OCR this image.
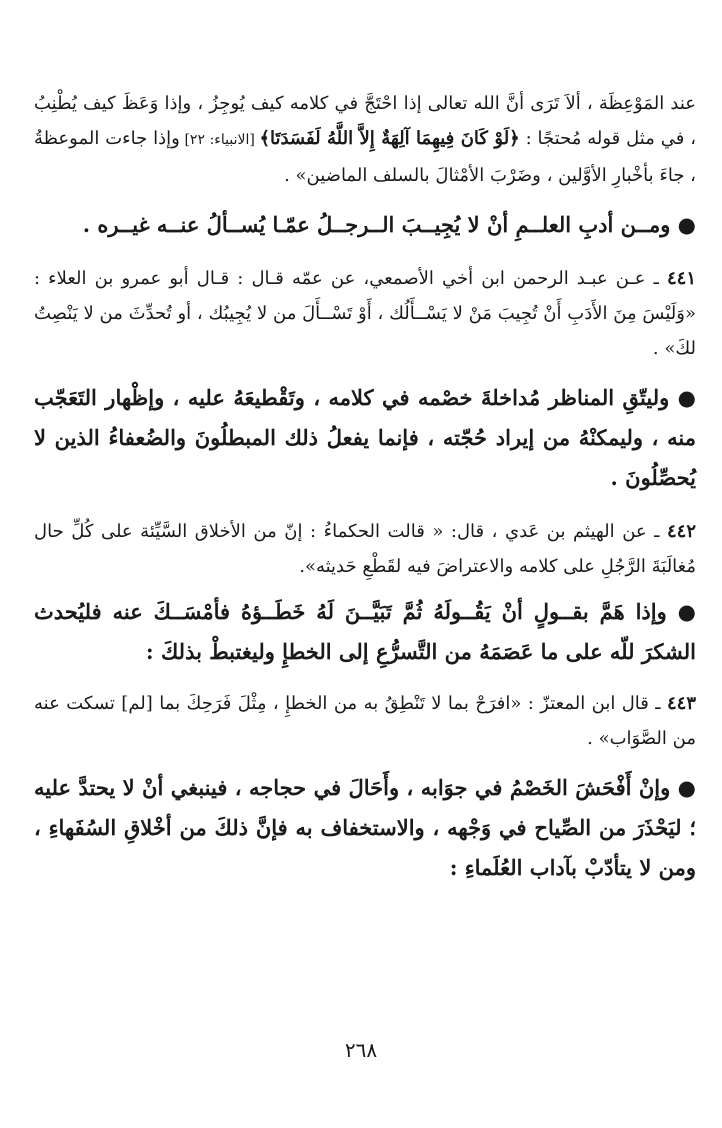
عند المَوْعِظَة ، ألاَ تَرَى أنَّ الله تعالى إذا احْتَجَّ في كلامه كيف يُوجِزُ ، وإذا وَعَظَ كيف يُطْنِبُ ، في مثل قوله مُحتجًا : ﴿لَوْ كَانَ فِيهِمَا آلِهَةٌ إِلاَّ اللَّهُ لَفَسَدَتَا﴾ [الانبياء: ٢٢] وإذا جاءت الموعظةُ ، جاءَ بأخْبارِ الأوَّلين ، وضَرْبَ الأمْثالَ بالسلف الماضين» .

● ومــن أدبِ العلــمِ أنْ لا يُجِيــبَ الــرجــلُ عمّـا يُســألُ عنــه غيــره .

٤٤١ ـ عـن عبـد الرحمن ابن أخي الأصمعي، عن عمّه قـال : قـال أبو عمرو بن العلاء : «وَلَيْسَ مِنَ الأَدَبِ أَنْ تُجِيبَ مَنْ لا يَسْــأَلُك ، أَوْ تَسْــأَلَ من لا يُجِيبُك ، أو تُحدِّثَ من لا يَنْصِتُ لكَ» .

● وليتّقِ المناظر مُداخلةَ خصْمه في كلامه ، وتَقْطيعَهُ عليه ، وإظْهار التَعَجّب منه ، وليمكنْهُ من إيراد حُجّته ، فإنما يفعلُ ذلك المبطلُونَ والضُعفاءُ الذين لا يُحصِّلُونَ .

٤٤٢ ـ عن الهيثم بن عَدي ، قال: « قالت الحكماءُ : إنّ من الأخلاق السَّيِّئة على كُلِّ حال مُغالَبَةَ الرَّجُلِ على كلامه والاعتراضَ فيه لقَطْعِ حَديثه».

● وإذا هَمَّ بقــولٍ أنْ يَقُــولَهُ ثُمَّ تَبَيَّــنَ لَهُ خَطَــؤهُ فأمْسَــكَ عنه فليُحدث الشكرَ للّه على ما عَصَمَهُ من التَّسرُّعِ إلى الخطإِ وليغتبطْ بذلكَ :

٤٤٣ ـ قال ابن المعتزّ : «افرَحْ بما لا تَنْطِقُ به من الخطإِ ، مِثْلَ فَرَحِكَ بما [لم] تسكت عنه من الصَّوَاب» .

● وإنْ أَفْحَشَ الخَصْمُ في جوَابه ، وأَحَالَ في حجاجه ، فينبغي أنْ لا يحتدَّ عليه ؛ ليَحْذَرَ من الصِّياح في وَجْهه ، والاستخفاف به فإنَّ ذلكَ من أخْلاقِ السُفَهاءِ ، ومن لا يتأدّبْ بآداب العُلَماءِ :

٢٦٨
